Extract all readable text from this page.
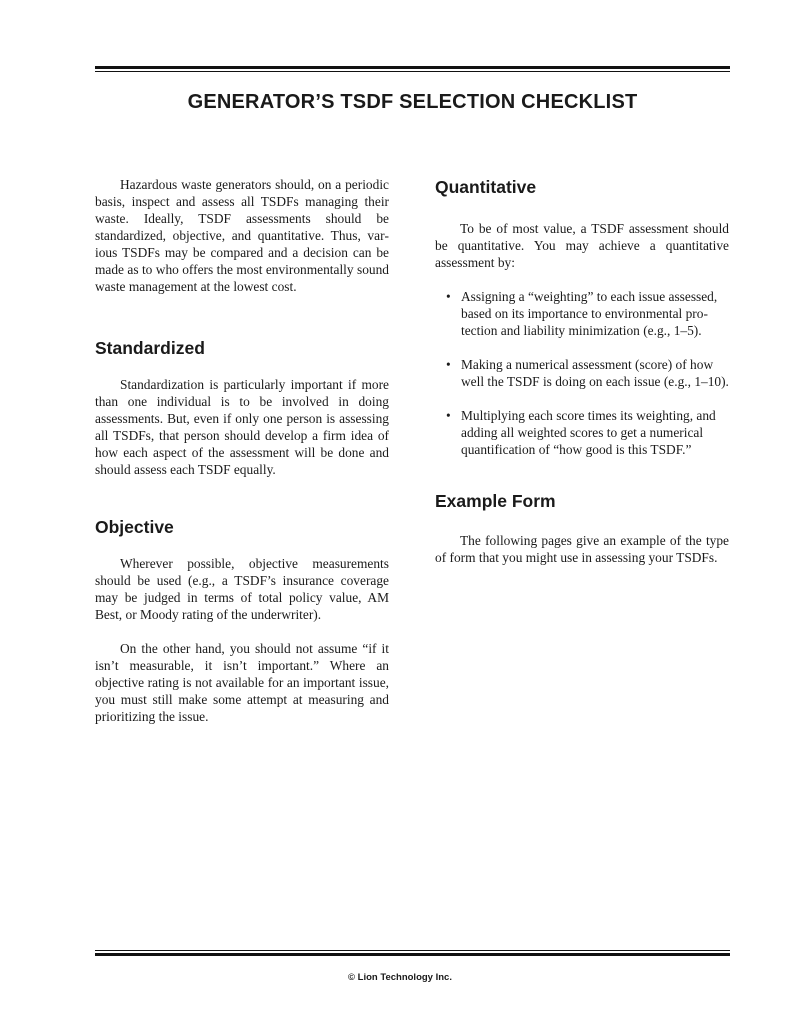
GENERATOR’S TSDF SELECTION CHECKLIST

Hazardous waste generators should, on a periodic basis, inspect and assess all TSDFs managing their waste. Ideally, TSDF assessments should be standardized, objective, and quantitative. Thus, various TSDFs may be compared and a decision can be made as to who offers the most environmentally sound waste management at the lowest cost.

Standardized

Standardization is particularly important if more than one individual is to be involved in doing assessments. But, even if only one person is assessing all TSDFs, that person should develop a firm idea of how each aspect of the assessment will be done and should assess each TSDF equally.

Objective

Wherever possible, objective measurements should be used (e.g., a TSDF’s insurance coverage may be judged in terms of total policy value, AM Best, or Moody rating of the underwriter).

On the other hand, you should not assume “if it isn’t measurable, it isn’t important.” Where an objective rating is not available for an important issue, you must still make some attempt at measuring and prioritizing the issue.

Quantitative

To be of most value, a TSDF assessment should be quantitative. You may achieve a quantitative assessment by:

• Assigning a “weighting” to each issue assessed, based on its importance to environmental protection and liability minimization (e.g., 1–5).
• Making a numerical assessment (score) of how well the TSDF is doing on each issue (e.g., 1–10).
• Multiplying each score times its weighting, and adding all weighted scores to get a numerical quantification of “how good is this TSDF.”
Example Form

The following pages give an example of the type of form that you might use in assessing your TSDFs.

© Lion Technology Inc.
